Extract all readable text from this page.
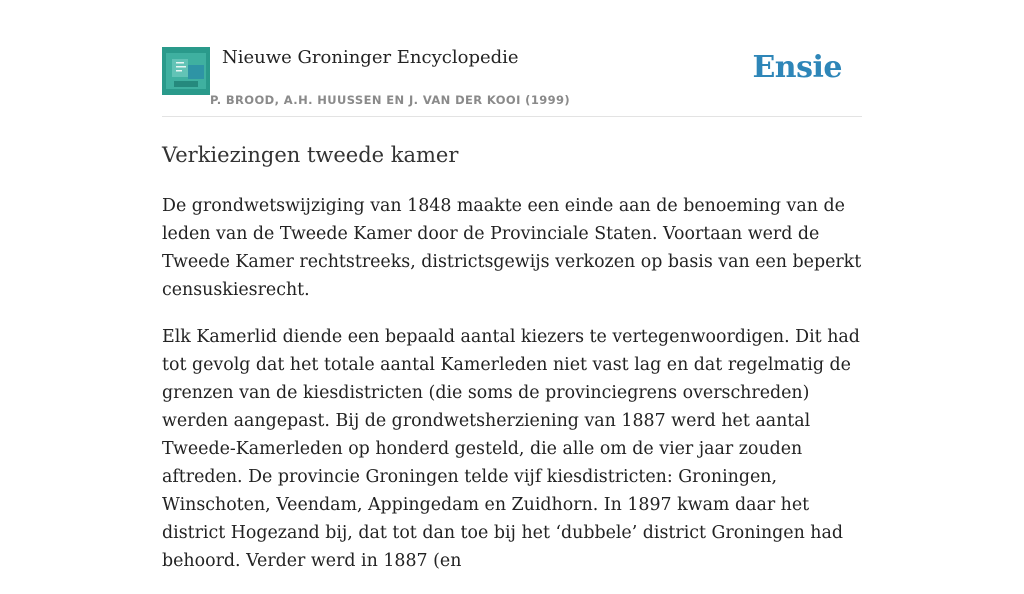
Nieuwe Groninger Encyclopedie
P. BROOD, A.H. HUUSSEN EN J. VAN DER KOOI (1999)
Ensie
Verkiezingen tweede kamer

De grondwetswijziging van 1848 maakte een einde aan de benoeming van de leden van de Tweede Kamer door de Provinciale Staten. Voortaan werd de Tweede Kamer rechtstreeks, districtsgewijs verkozen op basis van een beperkt censuskiesrecht.

Elk Kamerlid diende een bepaald aantal kiezers te vertegenwoordigen. Dit had tot gevolg dat het totale aantal Kamerleden niet vast lag en dat regelmatig de grenzen van de kiesdistricten (die soms de provinciegrens overschreden) werden aangepast. Bij de grondwetsherziening van 1887 werd het aantal Tweede-Kamerleden op honderd gesteld, die alle om de vier jaar zouden aftreden. De provincie Groningen telde vijf kiesdistricten: Groningen, Winschoten, Veendam, Appingedam en Zuidhorn. In 1897 kwam daar het district Hogezand bij, dat tot dan toe bij het ‘dubbele’ district Groningen had behoord. Verder werd in 1887 (en
